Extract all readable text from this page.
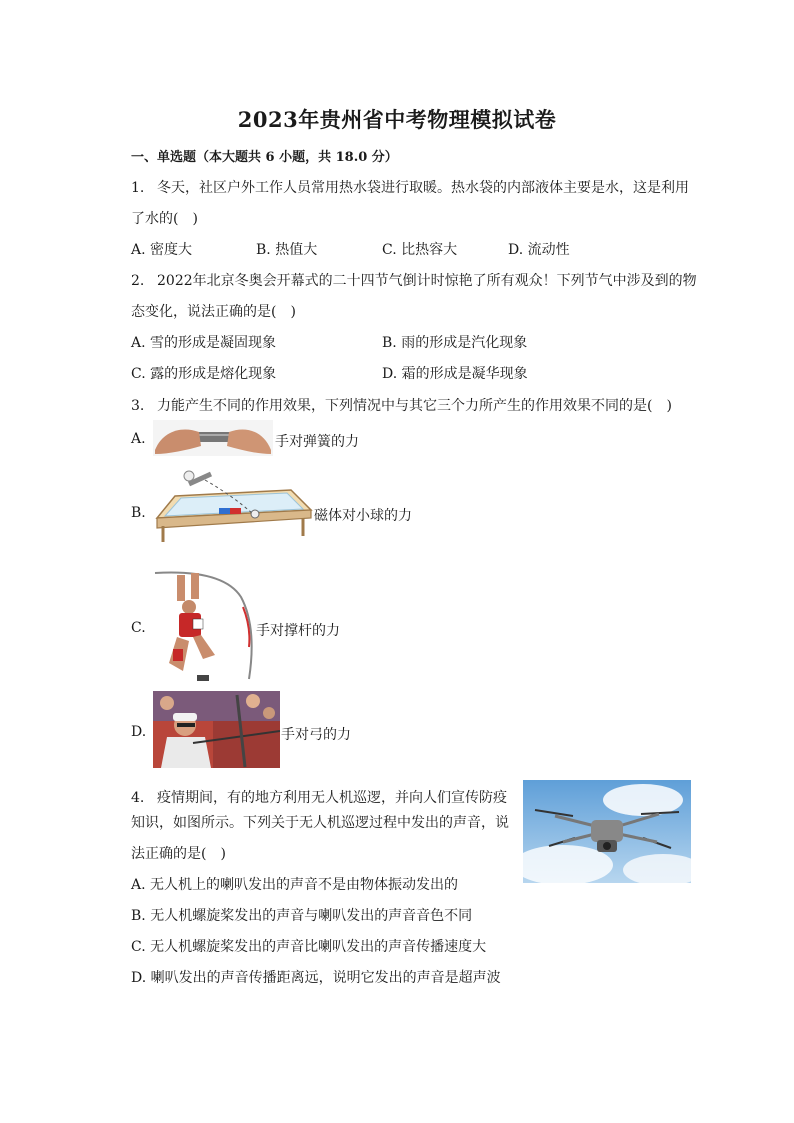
2023年贵州省中考物理模拟试卷
一、单选题（本大题共 6 小题，共 18.0 分）
1. 冬天，社区户外工作人员常用热水袋进行取暖。热水袋的内部液体主要是水，这是利用
了水的(　)
A. 密度大	B. 热值大	C. 比热容大	D. 流动性
2. 2022年北京冬奥会开幕式的二十四节气倒计时惊艳了所有观众！下列节气中涉及到的物
态变化，说法正确的是(　)
A. 雪的形成是凝固现象	B. 雨的形成是汽化现象
C. 露的形成是熔化现象	D. 霜的形成是凝华现象
3. 力能产生不同的作用效果，下列情况中与其它三个力所产生的作用效果不同的是(　)
A.	手对弹簧的力
B.	磁体对小球的力
C.	手对撑杆的力
D.	手对弓的力
4. 疫情期间，有的地方利用无人机巡逻，并向人们宣传防疫
知识，如图所示。下列关于无人机巡逻过程中发出的声音，说
法正确的是(　)
A. 无人机上的喇叭发出的声音不是由物体振动发出的
B. 无人机螺旋桨发出的声音与喇叭发出的声音音色不同
C. 无人机螺旋桨发出的声音比喇叭发出的声音传播速度大
D. 喇叭发出的声音传播距离远，说明它发出的声音是超声波
